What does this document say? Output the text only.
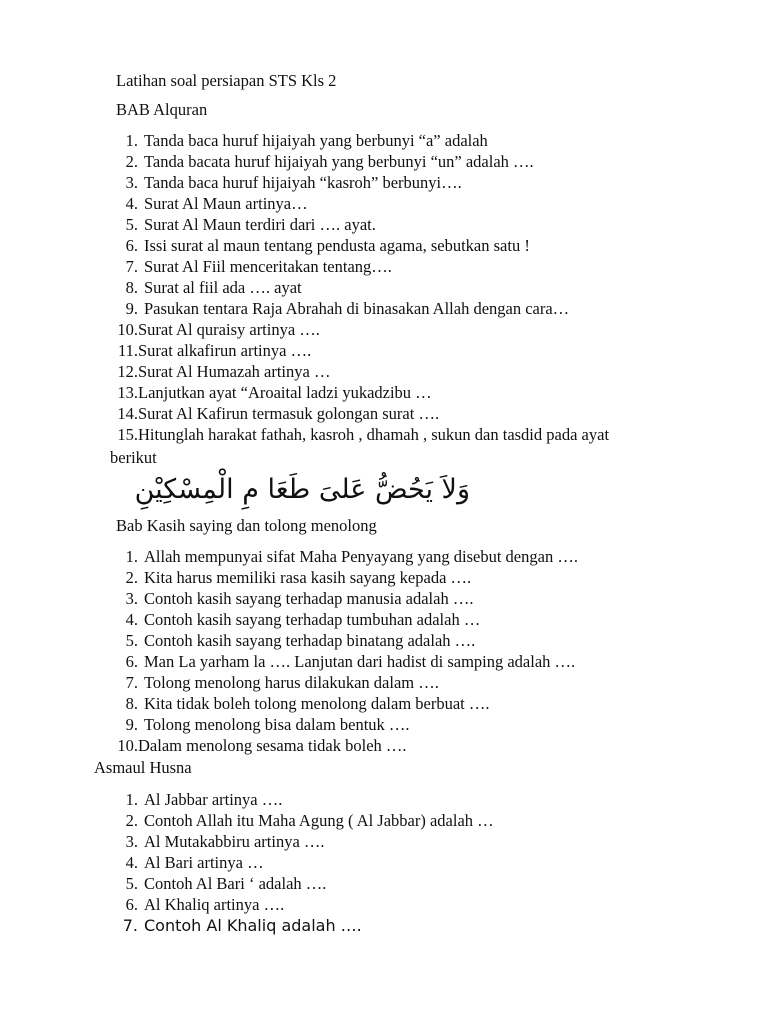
Latihan soal persiapan STS Kls 2
BAB Alquran
1. Tanda baca huruf hijaiyah yang berbunyi “a” adalah
2. Tanda bacata huruf hijaiyah yang berbunyi “un” adalah ….
3. Tanda baca huruf hijaiyah “kasroh” berbunyi….
4. Surat Al Maun artinya…
5. Surat Al Maun terdiri dari …. ayat.
6. Issi surat al maun tentang pendusta agama, sebutkan satu !
7. Surat Al Fiil menceritakan tentang….
8. Surat al fiil ada …. ayat
9. Pasukan tentara Raja Abrahah di binasakan Allah dengan cara…
10. Surat Al quraisy artinya ….
11. Surat alkafirun artinya ….
12. Surat Al Humazah artinya …
13. Lanjutkan ayat “Aroaital ladzi yukadzibu …
14. Surat Al Kafirun termasuk golongan surat ….
15. Hitunglah harakat fathah, kasroh , dhamah , sukun dan tasdid pada ayat
berikut
وَلاَ يَحُضُّ عَلىَ طَعَا مِ الْمِسْكِيْنِ
Bab Kasih saying dan tolong menolong
1. Allah mempunyai sifat Maha Penyayang yang disebut dengan ….
2. Kita harus memiliki rasa kasih sayang kepada ….
3. Contoh kasih sayang terhadap manusia adalah ….
4. Contoh kasih sayang terhadap tumbuhan adalah …
5. Contoh kasih sayang terhadap binatang adalah ….
6. Man La yarham la …. Lanjutan dari hadist di samping adalah ….
7. Tolong menolong harus dilakukan dalam ….
8. Kita tidak boleh tolong menolong dalam berbuat ….
9. Tolong menolong bisa dalam bentuk ….
10. Dalam menolong sesama tidak boleh ….
Asmaul Husna
1. Al Jabbar artinya ….
2. Contoh Allah itu Maha Agung ( Al Jabbar) adalah …
3. Al Mutakabbiru artinya ….
4. Al Bari artinya …
5. Contoh Al Bari ‘ adalah ….
6. Al Khaliq artinya ….
7. Contoh Al Khaliq adalah ….
